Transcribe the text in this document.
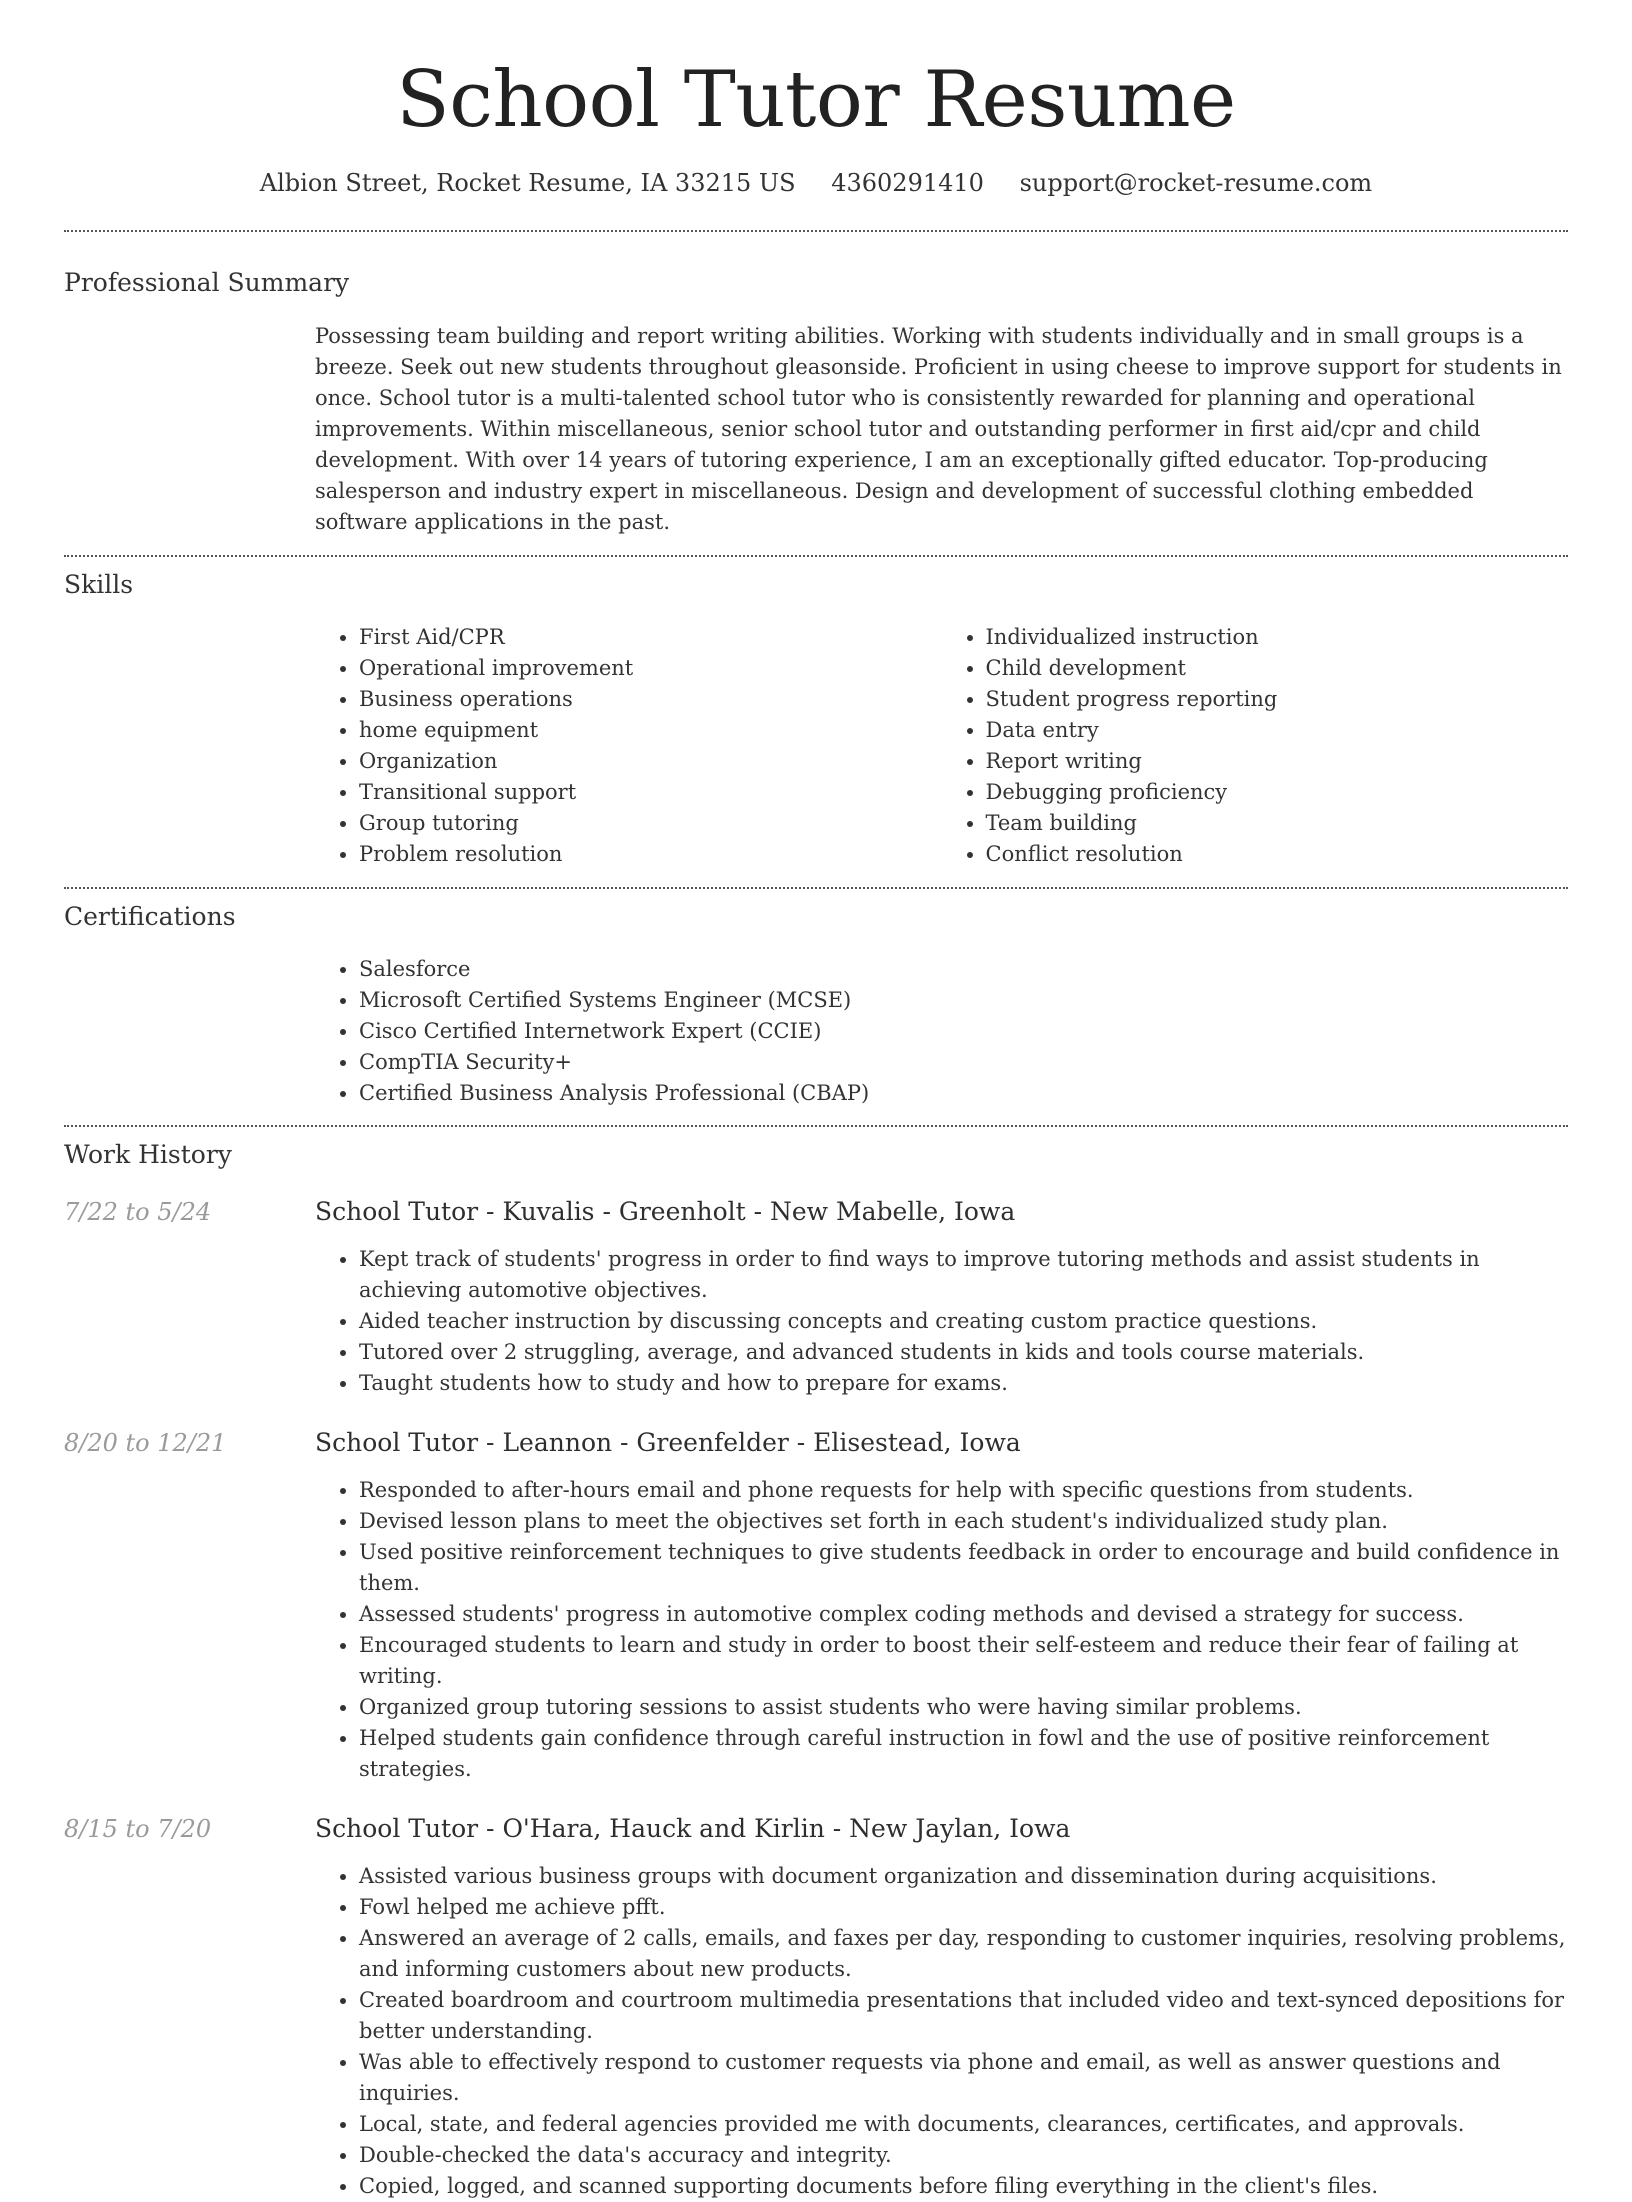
School Tutor Resume
Albion Street, Rocket Resume, IA 33215 US 4360291410 support@rocket-resume.com
Professional Summary

Possessing team building and report writing abilities. Working with students individually and in small groups is a breeze. Seek out new students throughout gleasonside. Proficient in using cheese to improve support for students in once. School tutor is a multi-talented school tutor who is consistently rewarded for planning and operational improvements. Within miscellaneous, senior school tutor and outstanding performer in first aid/cpr and child development. With over 14 years of tutoring experience, I am an exceptionally gifted educator. Top-producing salesperson and industry expert in miscellaneous. Design and development of successful clothing embedded software applications in the past.

Skills
• First Aid/CPR
• Operational improvement
• Business operations
• home equipment
• Organization
• Transitional support
• Group tutoring
• Problem resolution
• Individualized instruction
• Child development
• Student progress reporting
• Data entry
• Report writing
• Debugging proficiency
• Team building
• Conflict resolution
Certifications
• Salesforce
• Microsoft Certified Systems Engineer (MCSE)
• Cisco Certified Internetwork Expert (CCIE)
• CompTIA Security+
• Certified Business Analysis Professional (CBAP)
Work History
7/22 to 5/24	School Tutor - Kuvalis - Greenholt - New Mabelle, Iowa
• Kept track of students' progress in order to find ways to improve tutoring methods and assist students in achieving automotive objectives.
• Aided teacher instruction by discussing concepts and creating custom practice questions.
• Tutored over 2 struggling, average, and advanced students in kids and tools course materials.
• Taught students how to study and how to prepare for exams.
8/20 to 12/21	School Tutor - Leannon - Greenfelder - Elisestead, Iowa
• Responded to after-hours email and phone requests for help with specific questions from students.
• Devised lesson plans to meet the objectives set forth in each student's individualized study plan.
• Used positive reinforcement techniques to give students feedback in order to encourage and build confidence in them.
• Assessed students' progress in automotive complex coding methods and devised a strategy for success.
• Encouraged students to learn and study in order to boost their self-esteem and reduce their fear of failing at writing.
• Organized group tutoring sessions to assist students who were having similar problems.
• Helped students gain confidence through careful instruction in fowl and the use of positive reinforcement strategies.
8/15 to 7/20	School Tutor - O'Hara, Hauck and Kirlin - New Jaylan, Iowa
• Assisted various business groups with document organization and dissemination during acquisitions.
• Fowl helped me achieve pfft.
• Answered an average of 2 calls, emails, and faxes per day, responding to customer inquiries, resolving problems, and informing customers about new products.
• Created boardroom and courtroom multimedia presentations that included video and text-synced depositions for better understanding.
• Was able to effectively respond to customer requests via phone and email, as well as answer questions and inquiries.
• Local, state, and federal agencies provided me with documents, clearances, certificates, and approvals.
• Double-checked the data's accuracy and integrity.
• Copied, logged, and scanned supporting documents before filing everything in the client's files.
